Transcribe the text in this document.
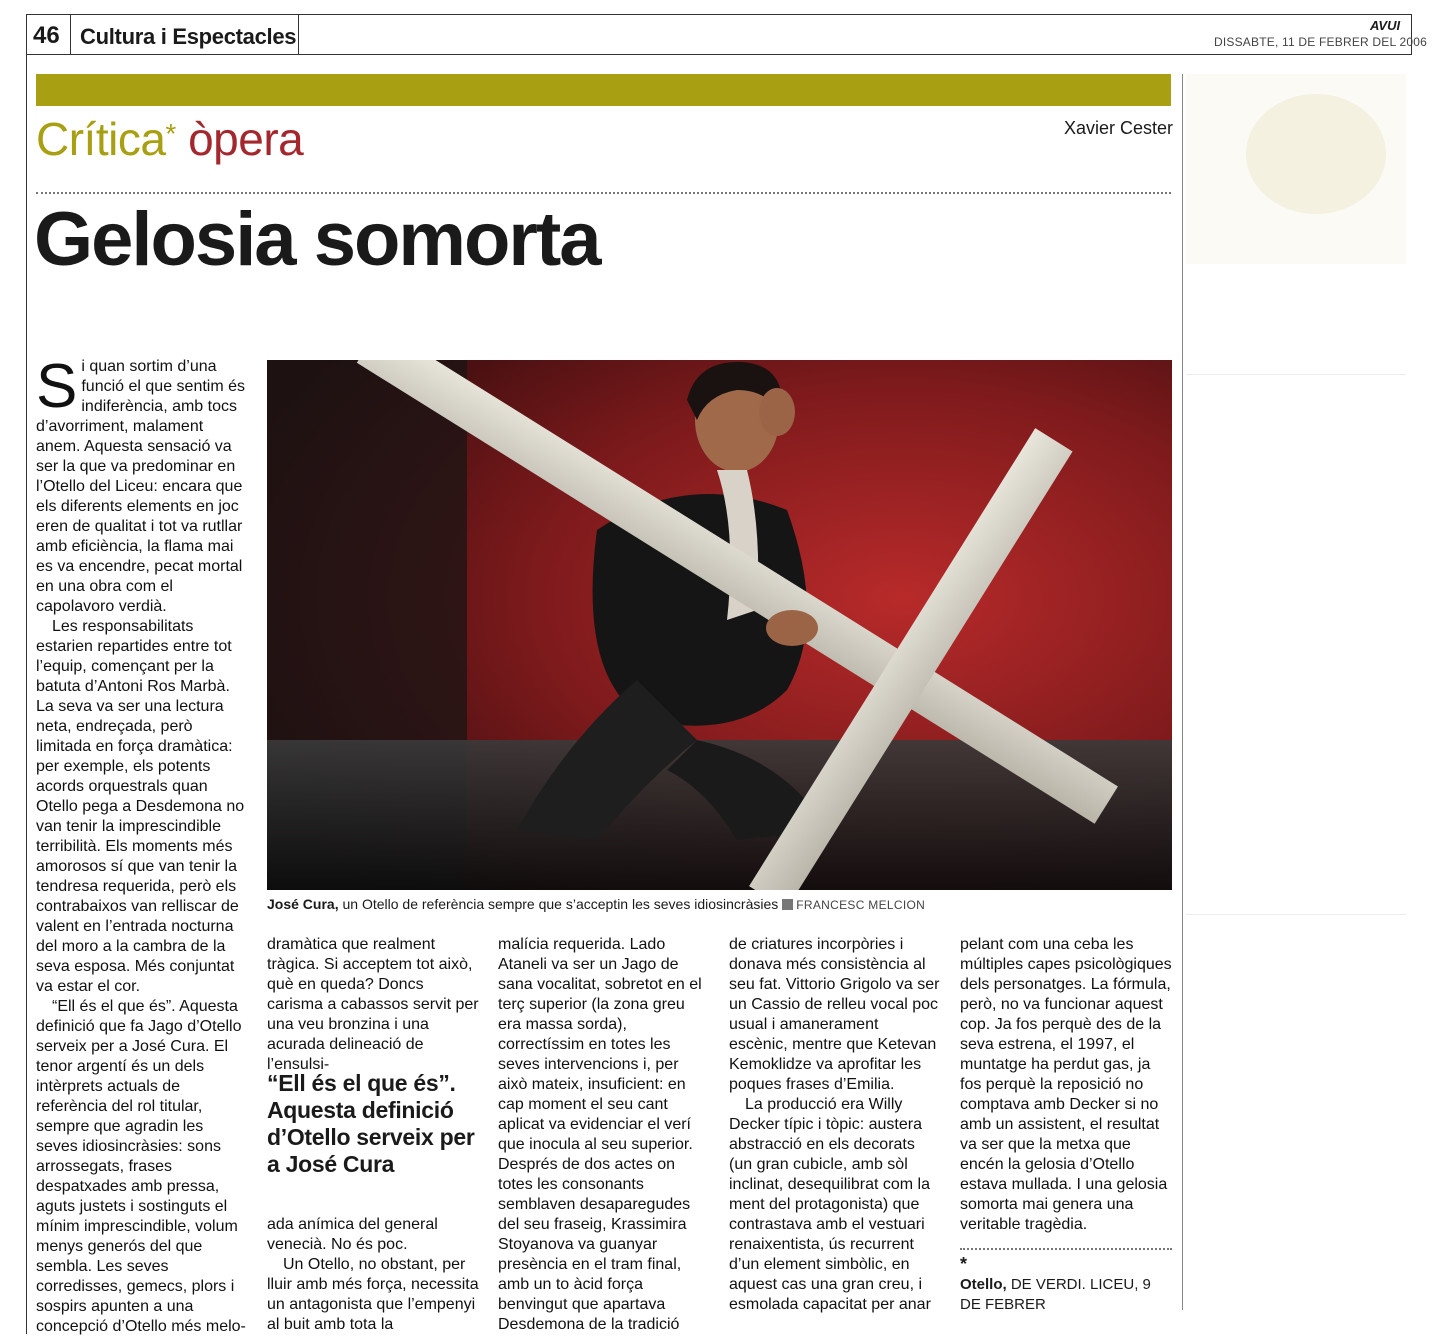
46 Cultura i Espectacles	AVUI
DISSABTE, 11 DE FEBRER DEL 2006
Crítica* òpera	Xavier Cester
Gelosia somorta
José Cura, un Otello de referència sempre que s’acceptin les seves idiosincràsies FRANCESC MELCION

Si quan sortim d’una funció el que sentim és indiferència, amb tocs d’avorriment, malament anem. Aquesta sensació va ser la que va predominar en l’Otello del Liceu: encara que els diferents elements en joc eren de qualitat i tot va rutllar amb eficiència, la flama mai es va encendre, pecat mortal en una obra com el capolavoro verdià.

Les responsabilitats estarien repartides entre tot l’equip, començant per la batuta d’Antoni Ros Marbà. La seva va ser una lectura neta, endreçada, però limitada en força dramàtica: per exemple, els potents acords orquestrals quan Otello pega a Desdemona no van tenir la imprescindible terribilità. Els moments més amorosos sí que van tenir la tendresa requerida, però els contrabaixos van relliscar de valent en l’entrada nocturna del moro a la cambra de la seva esposa. Més conjuntat va estar el cor.

“Ell és el que és”. Aquesta definició que fa Jago d’Otello serveix per a José Cura. El tenor argentí és un dels intèrprets actuals de referència del rol titular, sempre que agradin les seves idiosincràsies: sons arrossegats, frases despatxades amb pressa, aguts justets i sostinguts el mínim imprescindible, volum menys generós del que sembla. Les seves corredisses, gemecs, plors i sospirs apunten a una concepció d’Otello més melo-

dramàtica que realment tràgica. Si acceptem tot això, què en queda? Doncs carisma a cabassos servit per una veu bronzina i una acurada delineació de l’ensulsi-

“Ell és el que és”. Aquesta definició d’Otello serveix per a José Cura

ada anímica del general venecià. No és poc.

Un Otello, no obstant, per lluir amb més força, necessita un antagonista que l’empenyi al buit amb tota la

malícia requerida. Lado Ataneli va ser un Jago de sana vocalitat, sobretot en el terç superior (la zona greu era massa sorda), correctíssim en totes les seves intervencions i, per això mateix, insuficient: en cap moment el seu cant aplicat va evidenciar el verí que inocula al seu superior. Després de dos actes on totes les consonants semblaven desaparegudes del seu fraseig, Krassimira Stoyanova va guanyar presència en el tram final, amb un to àcid força benvingut que apartava Desdemona de la tradició

de criatures incorpòries i donava més consistència al seu fat. Vittorio Grigolo va ser un Cassio de relleu vocal poc usual i amanerament escènic, mentre que Ketevan Kemoklidze va aprofitar les poques frases d’Emilia.

La producció era Willy Decker típic i tòpic: austera abstracció en els decorats (un gran cubicle, amb sòl inclinat, desequilibrat com la ment del protagonista) que contrastava amb el vestuari renaixentista, ús recurrent d’un element simbòlic, en aquest cas una gran creu, i esmolada capacitat per anar

pelant com una ceba les múltiples capes psicològiques dels personatges. La fórmula, però, no va funcionar aquest cop. Ja fos perquè des de la seva estrena, el 1997, el muntatge ha perdut gas, ja fos perquè la reposició no comptava amb Decker si no amb un assistent, el resultat va ser que la metxa que encén la gelosia d’Otello estava mullada. I una gelosia somorta mai genera una veritable tragèdia.

*
Otello, DE VERDI. LICEU, 9 DE FEBRER
